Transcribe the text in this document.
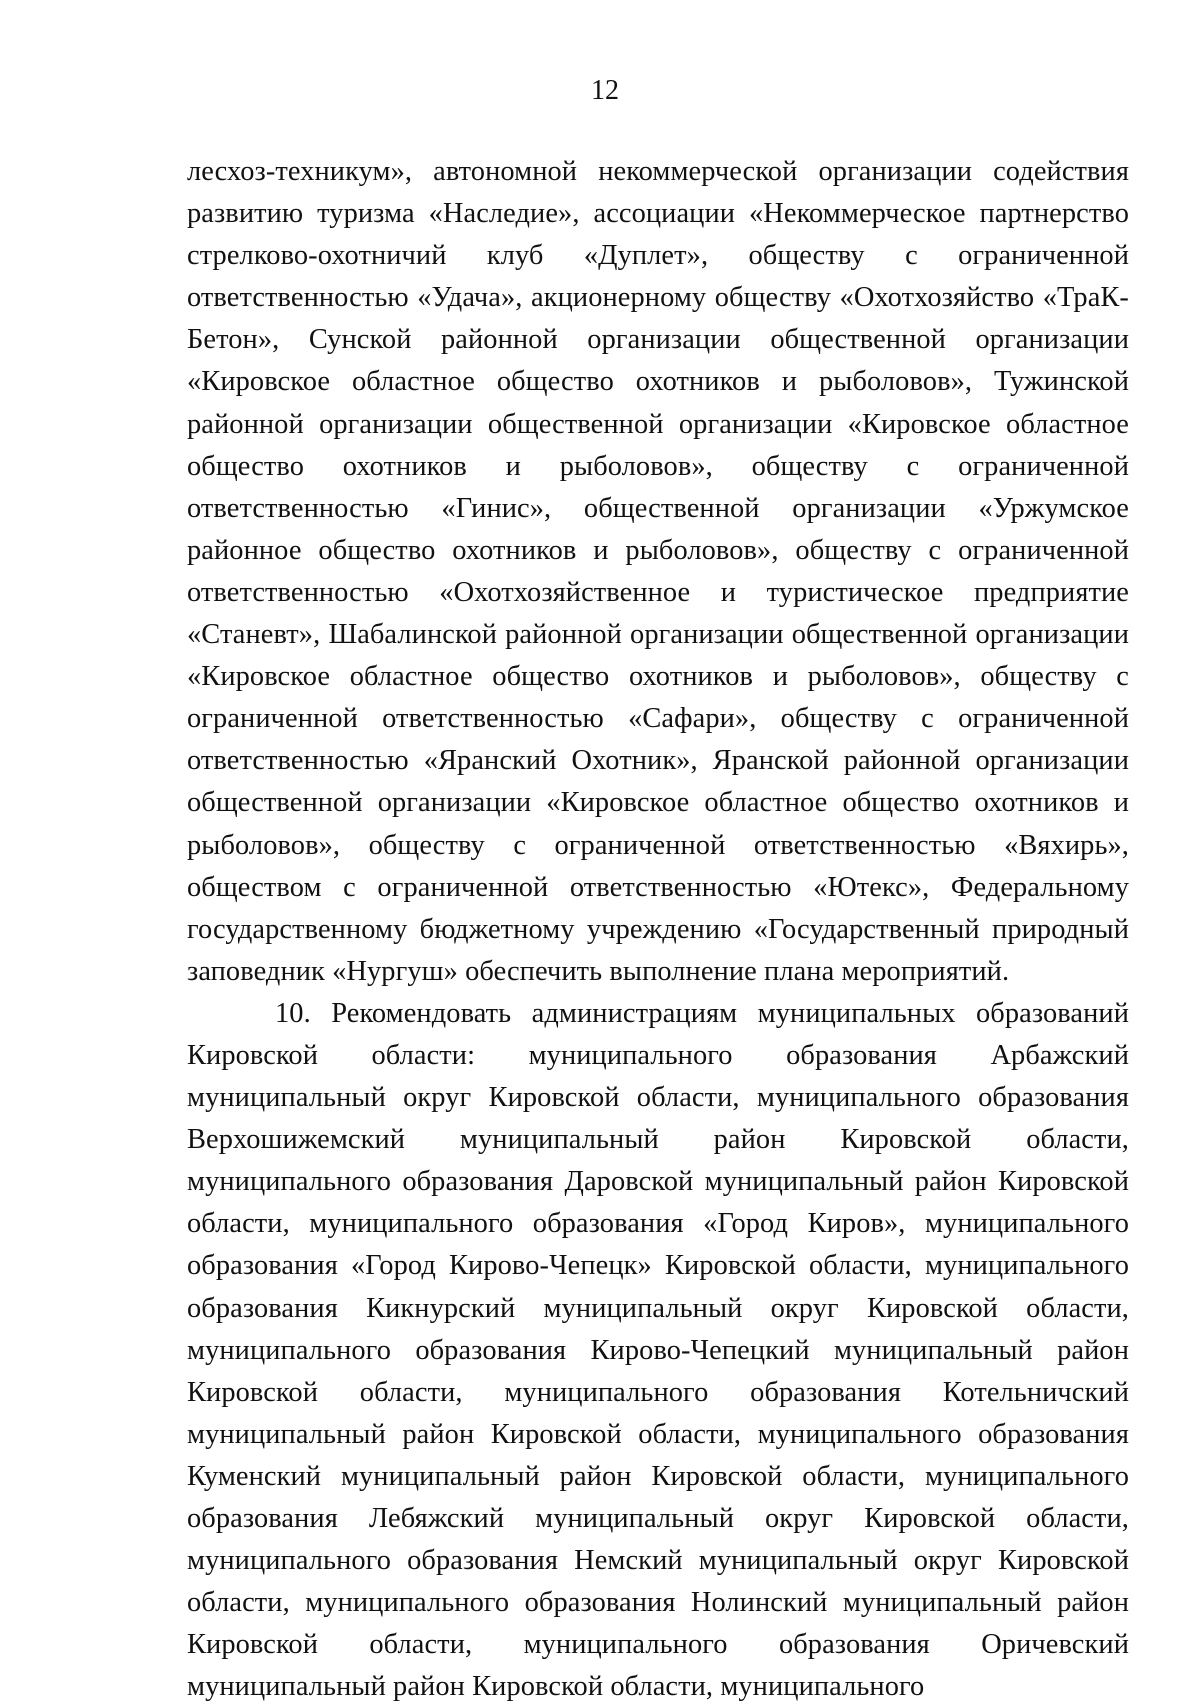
12

лесхоз-техникум», автономной некоммерческой организации содействия развитию туризма «Наследие», ассоциации «Некоммерческое партнерство стрелково-охотничий клуб «Дуплет», обществу с ограниченной ответственностью «Удача», акционерному обществу «Охотхозяйство «ТраК-Бетон», Сунской районной организации общественной организации «Кировское областное общество охотников и рыболовов», Тужинской районной организации общественной организации «Кировское областное общество охотников и рыболовов», обществу с ограниченной ответственностью «Гинис», общественной организации «Уржумское районное общество охотников и рыболовов», обществу с ограниченной ответственностью «Охотхозяйственное и туристическое предприятие «Станевт», Шабалинской районной организации общественной организации «Кировское областное общество охотников и рыболовов», обществу с ограниченной ответственностью «Сафари», обществу с ограниченной ответственностью «Яранский Охотник», Яранской районной организации общественной организации «Кировское областное общество охотников и рыболовов», обществу с ограниченной ответственностью «Вяхирь», обществом с ограниченной ответственностью «Ютекс», Федеральному государственному бюджетному учреждению «Государственный природный заповедник «Нургуш» обеспечить выполнение плана мероприятий.

10. Рекомендовать администрациям муниципальных образований Кировской области: муниципального образования Арбажский муниципальный округ Кировской области, муниципального образования Верхошижемский муниципальный район Кировской области, муниципального образования Даровской муниципальный район Кировской области, муниципального образования «Город Киров», муниципального образования «Город Кирово-Чепецк» Кировской области, муниципального образования Кикнурский муниципальный округ Кировской области, муниципального образования Кирово-Чепецкий муниципальный район Кировской области, муниципального образования Котельничский муниципальный район Кировской области, муниципального образования Куменский муниципальный район Кировской области, муниципального образования Лебяжский муниципальный округ Кировской области, муниципального образования Немский муниципальный округ Кировской области, муниципального образования Нолинский муниципальный район Кировской области, муниципального образования Оричевский муниципальный район Кировской области, муниципального
